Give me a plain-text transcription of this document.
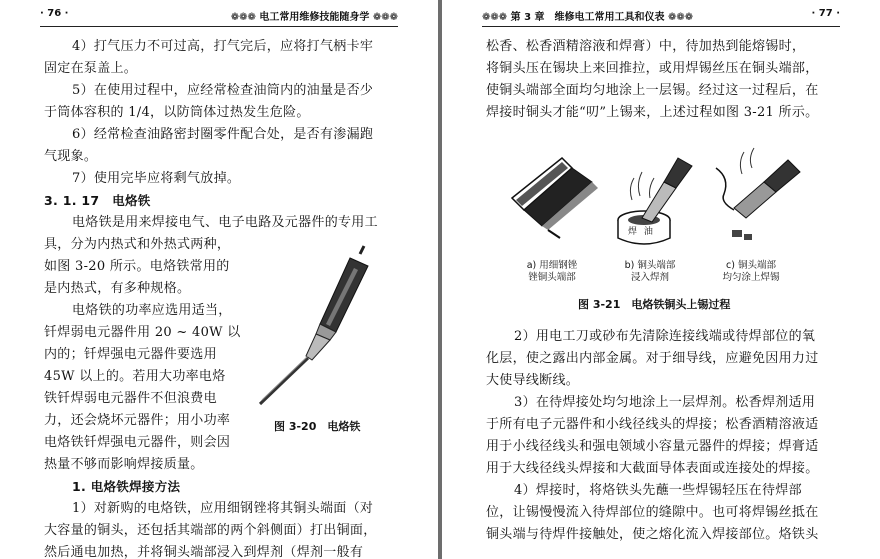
· 76 ·	❁❁❁ 电工常用维修技能随身学 ❁❁❁
4）打气压力不可过高，打气完后，应将打气柄卡牢
固定在泵盖上。
5）在使用过程中，应经常检查油筒内的油量是否少
于筒体容积的 1/4，以防筒体过热发生危险。
6）经常检查油路密封圈零件配合处，是否有渗漏跑
气现象。
7）使用完毕应将剩气放掉。
3. 1. 17　电烙铁
电烙铁是用来焊接电气、电子电路及元器件的专用工
具，分为内热式和外热式两种，
如图 3-20 所示。电烙铁常用的
是内热式，有多种规格。
电烙铁的功率应选用适当，
钎焊弱电元器件用 20 ~ 40W 以
内的；钎焊强电元器件要选用
45W 以上的。若用大功率电烙
铁钎焊弱电元器件不但浪费电
力，还会烧坏元器件；用小功率
电烙铁钎焊强电元器件，则会因
热量不够而影响焊接质量。
1. 电烙铁焊接方法
1）对新购的电烙铁，应用细钢锉将其铜头端面（对
大容量的铜头，还包括其端部的两个斜侧面）打出铜面，
然后通电加热，并将铜头端部浸入到焊剂（焊剂一般有
图 3-20　电烙铁
❁❁❁ 第 3 章　维修电工常用工具和仪表 ❁❁❁	· 77 ·
松香、松香酒精溶液和焊膏）中，待加热到能熔锡时，
将铜头压在锡块上来回推拉，或用焊锡丝压在铜头端部，
使铜头端部全面均匀地涂上一层锡。经过这一过程后，在
焊接时铜头才能“叨”上锡来，上述过程如图 3-21 所示。
焊 油
a) 用细钢锉
锉铜头端部
b) 铜头端部
浸入焊剂
c) 铜头端部
均匀涂上焊锡
图 3-21　电烙铁铜头上锡过程
2）用电工刀或砂布先清除连接线端或待焊部位的氧
化层，使之露出内部金属。对于细导线，应避免因用力过
大使导线断线。
3）在待焊接处均匀地涂上一层焊剂。松香焊剂适用
于所有电子元器件和小线径线头的焊接；松香酒精溶液适
用于小线径线头和强电领域小容量元器件的焊接；焊膏适
用于大线径线头焊接和大截面导体表面或连接处的焊接。
4）焊接时，将烙铁头先蘸一些焊锡轻压在待焊部
位，让锡慢慢流入待焊部位的缝隙中。也可将焊锡丝抵在
铜头端与待焊件接触处，使之熔化流入焊接部位。烙铁头
